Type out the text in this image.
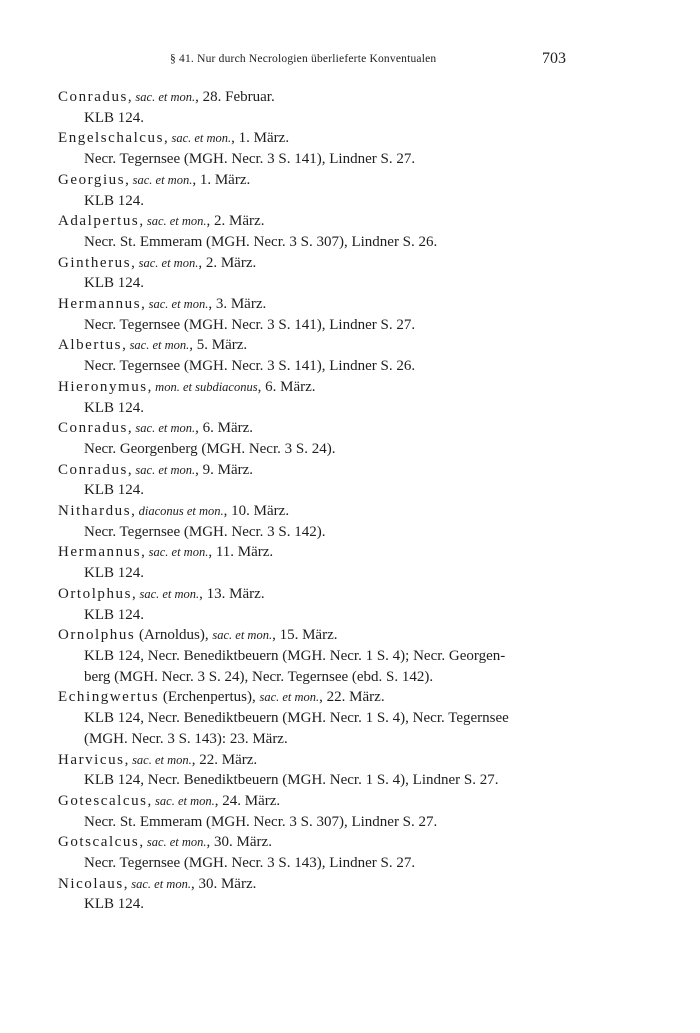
§ 41. Nur durch Necrologien überlieferte Konventualen	703
Conradus, sac. et mon., 28. Februar.
KLB 124.
Engelschalcus, sac. et mon., 1. März.
Necr. Tegernsee (MGH. Necr. 3 S. 141), Lindner S. 27.
Georgius, sac. et mon., 1. März.
KLB 124.
Adalpertus, sac. et mon., 2. März.
Necr. St. Emmeram (MGH. Necr. 3 S. 307), Lindner S. 26.
Gintherus, sac. et mon., 2. März.
KLB 124.
Hermannus, sac. et mon., 3. März.
Necr. Tegernsee (MGH. Necr. 3 S. 141), Lindner S. 27.
Albertus, sac. et mon., 5. März.
Necr. Tegernsee (MGH. Necr. 3 S. 141), Lindner S. 26.
Hieronymus, mon. et subdiaconus, 6. März.
KLB 124.
Conradus, sac. et mon., 6. März.
Necr. Georgenberg (MGH. Necr. 3 S. 24).
Conradus, sac. et mon., 9. März.
KLB 124.
Nithardus, diaconus et mon., 10. März.
Necr. Tegernsee (MGH. Necr. 3 S. 142).
Hermannus, sac. et mon., 11. März.
KLB 124.
Ortolphus, sac. et mon., 13. März.
KLB 124.
Ornolphus (Arnoldus), sac. et mon., 15. März.
KLB 124, Necr. Benediktbeuern (MGH. Necr. 1 S. 4); Necr. Georgen-
berg (MGH. Necr. 3 S. 24), Necr. Tegernsee (ebd. S. 142).
Echingwertus (Erchenpertus), sac. et mon., 22. März.
KLB 124, Necr. Benediktbeuern (MGH. Necr. 1 S. 4), Necr. Tegernsee
(MGH. Necr. 3 S. 143): 23. März.
Harvicus, sac. et mon., 22. März.
KLB 124, Necr. Benediktbeuern (MGH. Necr. 1 S. 4), Lindner S. 27.
Gotescalcus, sac. et mon., 24. März.
Necr. St. Emmeram (MGH. Necr. 3 S. 307), Lindner S. 27.
Gotscalcus, sac. et mon., 30. März.
Necr. Tegernsee (MGH. Necr. 3 S. 143), Lindner S. 27.
Nicolaus, sac. et mon., 30. März.
KLB 124.
